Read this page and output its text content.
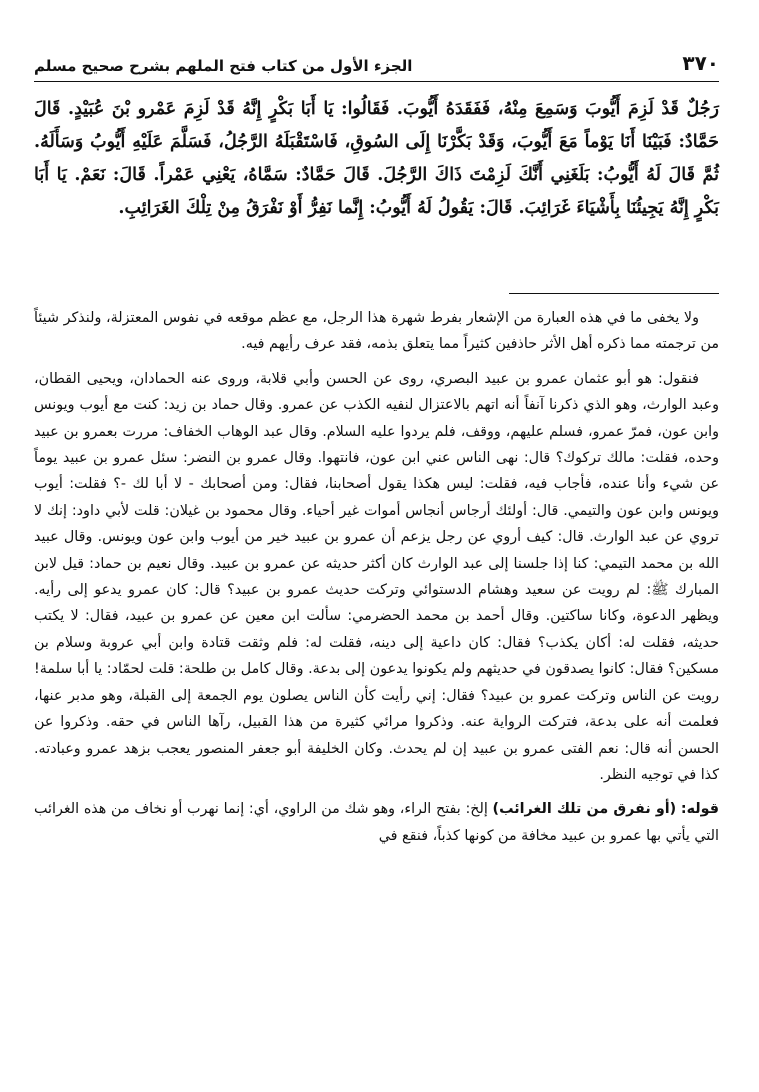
٣٧٠
الجزء الأول من كتاب فتح الملهم بشرح صحيح مسلم
رَجُلٌ قَدْ لَزِمَ أَيُّوبَ وَسَمِعَ مِنْهُ، فَفَقَدَهُ أَيُّوبَ. فَقَالُوا: يَا أَبَا بَكْرٍ إِنَّهُ قَدْ لَزِمَ عَمْرو بْنَ عُبَيْدٍ. قَالَ حَمَّادٌ: فَبَيْنَا أَنَا يَوْماً مَعَ أَيُّوبَ، وَقَدْ بَكَّرْنَا إِلَى السُوقِ، فَاسْتَقْبَلَهُ الرَّجُلُ، فَسَلَّمَ عَلَيْهِ أَيُّوبُ وَسَأَلَهُ. ثُمَّ قَالَ لَهُ أَيُّوبُ: بَلَغَنِي أَنَّكَ لَزِمْتَ ذَاكَ الرَّجُلَ. قَالَ حَمَّادٌ: سَمَّاهُ، يَعْنِي عَمْراً. قَالَ: نَعَمْ. يَا أَبَا بَكْرٍ إِنَّهُ يَجِيئُنَا بِأَشْيَاءَ غَرَائِبَ. قَالَ: يَقُولُ لَهُ أَيُّوبُ: إِنَّما نَفِرُّ أَوْ نَفْرَقُ مِنْ تِلْكَ الغَرَائِبِ.

ولا يخفى ما في هذه العبارة من الإشعار بفرط شهرة هذا الرجل، مع عظم موقعه في نفوس المعتزلة، ولنذكر شيئاً من ترجمته مما ذكره أهل الأثر حاذفين كثيراً مما يتعلق بذمه، فقد عرف رأيهم فيه.

فنقول: هو أبو عثمان عمرو بن عبيد البصري، روى عن الحسن وأبي قلابة، وروى عنه الحمادان، ويحيى القطان، وعبد الوارث، وهو الذي ذكرنا آنفاً أنه اتهم بالاعتزال لنفيه الكذب عن عمرو. وقال حماد بن زيد: كنت مع أيوب ويونس وابن عون، فمرّ عمرو، فسلم عليهم، ووقف، فلم يردوا عليه السلام. وقال عبد الوهاب الخفاف: مررت بعمرو بن عبيد وحده، فقلت: مالك تركوك؟ قال: نهى الناس عني ابن عون، فانتهوا. وقال عمرو بن النضر: سئل عمرو بن عبيد يوماً عن شيء وأنا عنده، فأجاب فيه، فقلت: ليس هكذا يقول أصحابنا، فقال: ومن أصحابك - لا أبا لك -؟ فقلت: أيوب ويونس وابن عون والتيمي. قال: أولئك أرجاس أنجاس أموات غير أحياء. وقال محمود بن غيلان: قلت لأبي داود: إنك لا تروي عن عبد الوارث. قال: كيف أروي عن رجل يزعم أن عمرو بن عبيد خير من أيوب وابن عون ويونس. وقال عبيد الله بن محمد التيمي: كنا إذا جلسنا إلى عبد الوارث كان أكثر حديثه عن عمرو بن عبيد. وقال نعيم بن حماد: قيل لابن المبارك ﷺ: لم رويت عن سعيد وهشام الدستوائي وتركت حديث عمرو بن عبيد؟ قال: كان عمرو يدعو إلى رأيه. ويظهر الدعوة، وكانا ساكتين. وقال أحمد بن محمد الحضرمي: سألت ابن معين عن عمرو بن عبيد، فقال: لا يكتب حديثه، فقلت له: أكان يكذب؟ فقال: كان داعية إلى دينه، فقلت له: فلم وثقت قتادة وابن أبي عروبة وسلام بن مسكين؟ فقال: كانوا يصدقون في حديثهم ولم يكونوا يدعون إلى بدعة. وقال كامل بن طلحة: قلت لحمّاد: يا أبا سلمة! رويت عن الناس وتركت عمرو بن عبيد؟ فقال: إني رأيت كأن الناس يصلون يوم الجمعة إلى القبلة، وهو مدبر عنها، فعلمت أنه على بدعة، فتركت الرواية عنه. وذكروا مرائي كثيرة من هذا القبيل، رآها الناس في حقه. وذكروا عن الحسن أنه قال: نعم الفتى عمرو بن عبيد إن لم يحدث. وكان الخليفة أبو جعفر المنصور يعجب بزهد عمرو وعبادته. كذا في توجيه النظر.

قوله: (أو نفرق من تلك الغرائب) إلخ: بفتح الراء، وهو شك من الراوي، أي: إنما نهرب أو نخاف من هذه الغرائب التي يأتي بها عمرو بن عبيد مخافة من كونها كذباً، فنقع في
